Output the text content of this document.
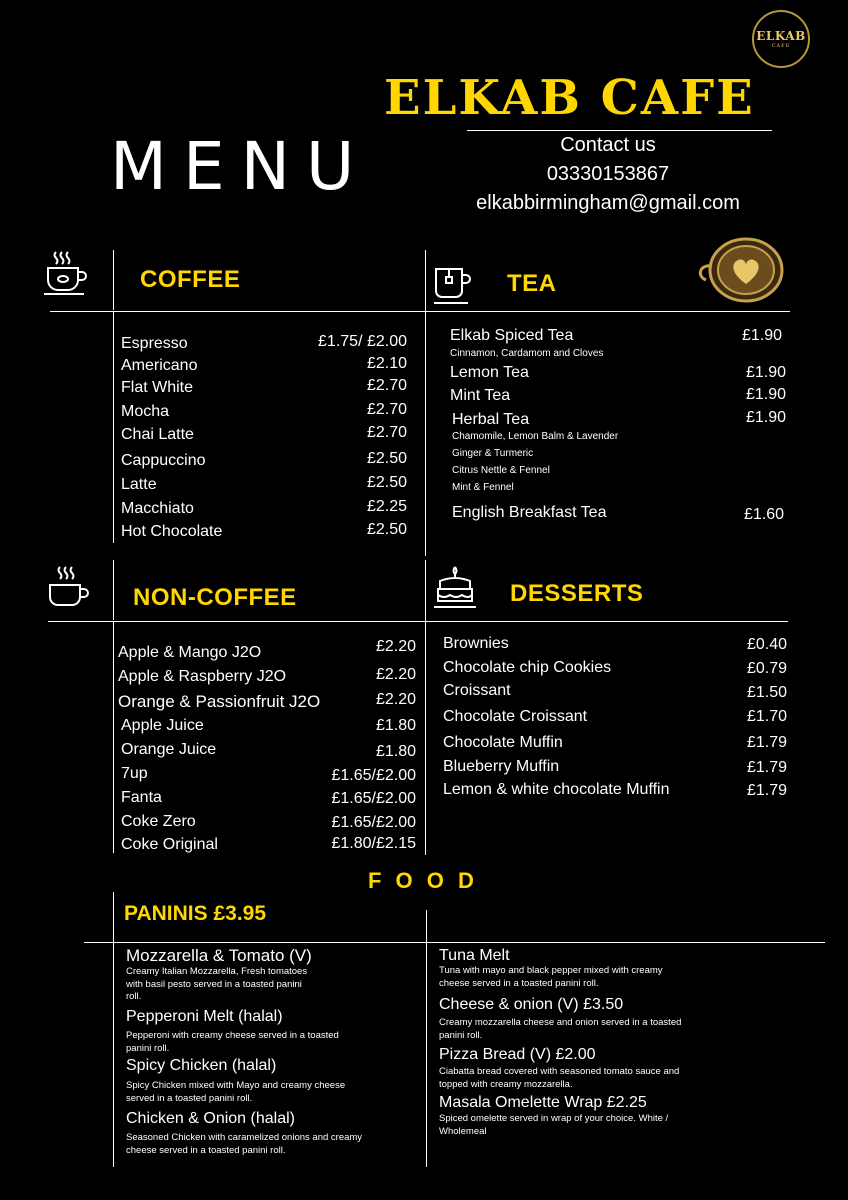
ELKAB
CAFE
ELKAB CAFE
MENU	Contact us
03330153867
elkabbirmingham@gmail.com
COFFEE	TEA
Espresso	£1.75/ £2.00
Americano	£2.10
Flat White	£2.70
Mocha	£2.70
Chai Latte	£2.70
Cappuccino	£2.50
Latte	£2.50
Macchiato	£2.25
Hot Chocolate	£2.50
Elkab Spiced Tea	£1.90
Cinnamon, Cardamom and Cloves
Lemon Tea	£1.90
Mint Tea	£1.90
Herbal Tea	£1.90
Chamomile, Lemon Balm & Lavender
Ginger & Turmeric
Citrus Nettle & Fennel
Mint & Fennel
English Breakfast Tea	£1.60
NON-COFFEE	DESSERTS
Apple & Mango J2O	£2.20
Apple & Raspberry J2O	£2.20
Orange & Passionfruit J2O	£2.20
Apple Juice	£1.80
Orange Juice	£1.80
7up	£1.65/£2.00
Fanta	£1.65/£2.00
Coke Zero	£1.65/£2.00
Coke Original	£1.80/£2.15
Brownies	£0.40
Chocolate chip Cookies	£0.79
Croissant	£1.50
Chocolate Croissant	£1.70
Chocolate Muffin	£1.79
Blueberry Muffin	£1.79
Lemon & white chocolate Muffin	£1.79
F O O D
PANINIS £3.95
Mozzarella & Tomato (V)
Creamy Italian Mozzarella, Fresh tomatoes with basil pesto served in a toasted panini roll.
Pepperoni Melt (halal)
Pepperoni with creamy cheese served in a toasted panini roll.
Spicy Chicken (halal)
Spicy Chicken mixed with Mayo and creamy cheese served in a toasted panini roll.
Chicken & Onion (halal)
Seasoned Chicken with caramelized onions and creamy cheese served in a toasted panini roll.
Tuna Melt
Tuna with mayo and black pepper mixed with creamy cheese served in a toasted panini roll.
Cheese & onion (V) £3.50
Creamy mozzarella cheese and onion served in a toasted panini roll.
Pizza Bread (V) £2.00
Ciabatta bread covered with seasoned tomato sauce and topped with creamy mozzarella.
Masala Omelette Wrap £2.25
Spiced omelette served in wrap of your choice. White / Wholemeal
